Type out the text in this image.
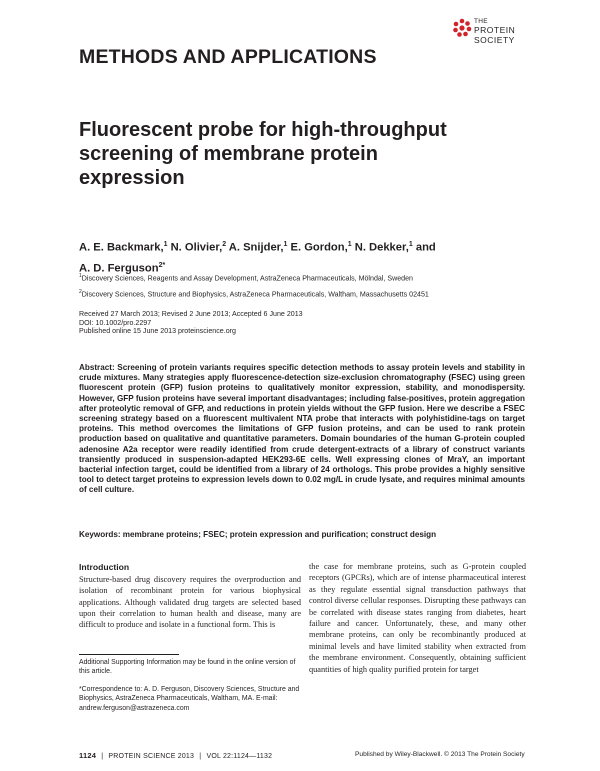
THE
PROTEIN
SOCIETY
METHODS AND APPLICATIONS
Fluorescent probe for high-throughput
screening of membrane protein
expression
A. E. Backmark,$^1$ N. Olivier,$^2$ A. Snijder,$^1$ E. Gordon,$^1$ N. Dekker,$^1$ and
A. D. Ferguson$^{2*}$
$^1$Discovery Sciences, Reagents and Assay Development, AstraZeneca Pharmaceuticals, Mölndal, Sweden
$^2$Discovery Sciences, Structure and Biophysics, AstraZeneca Pharmaceuticals, Waltham, Massachusetts 02451
Received 27 March 2013; Revised 2 June 2013; Accepted 6 June 2013
DOI: 10.1002/pro.2297
Published online 15 June 2013 proteinscience.org
Abstract: Screening of protein variants requires specific detection methods to assay protein levels and stability in crude mixtures. Many strategies apply fluorescence-detection size-exclusion chromatography (FSEC) using green fluorescent protein (GFP) fusion proteins to qualitatively monitor expression, stability, and monodispersity. However, GFP fusion proteins have several important disadvantages; including false-positives, protein aggregation after proteolytic removal of GFP, and reductions in protein yields without the GFP fusion. Here we describe a FSEC screening strategy based on a fluorescent multivalent NTA probe that interacts with polyhistidine-tags on target proteins. This method overcomes the limitations of GFP fusion proteins, and can be used to rank protein production based on qualitative and quantitative parameters. Domain boundaries of the human G-protein coupled adenosine A2a receptor were readily identified from crude detergent-extracts of a library of construct variants transiently produced in suspension-adapted HEK293-6E cells. Well expressing clones of MraY, an important bacterial infection target, could be identified from a library of 24 orthologs. This probe provides a highly sensitive tool to detect target proteins to expression levels down to 0.02 mg/L in crude lysate, and requires minimal amounts of cell culture.
Keywords: membrane proteins; FSEC; protein expression and purification; construct design
Introduction
Structure-based drug discovery requires the overproduction and isolation of recombinant protein for various biophysical applications. Although validated drug targets are selected based upon their correlation to human health and disease, many are difficult to produce and isolate in a functional form. This is
the case for membrane proteins, such as G-protein coupled receptors (GPCRs), which are of intense pharmaceutical interest as they regulate essential signal transduction pathways that control diverse cellular responses. Disrupting these pathways can be correlated with disease states ranging from diabetes, heart failure and cancer. Unfortunately, these, and many other membrane proteins, can only be recombinantly produced at minimal levels and have limited stability when extracted from the membrane environment. Consequently, obtaining sufficient quantities of high quality purified protein for target
Additional Supporting Information may be found in the online version of this article.
*Correspondence to: A. D. Ferguson, Discovery Sciences, Structure and Biophysics, AstraZeneca Pharmaceuticals, Waltham, MA. E-mail: andrew.ferguson@astrazeneca.com
1124 | PROTEIN SCIENCE 2013 | VOL 22:1124—1132	Published by Wiley-Blackwell. © 2013 The Protein Society
